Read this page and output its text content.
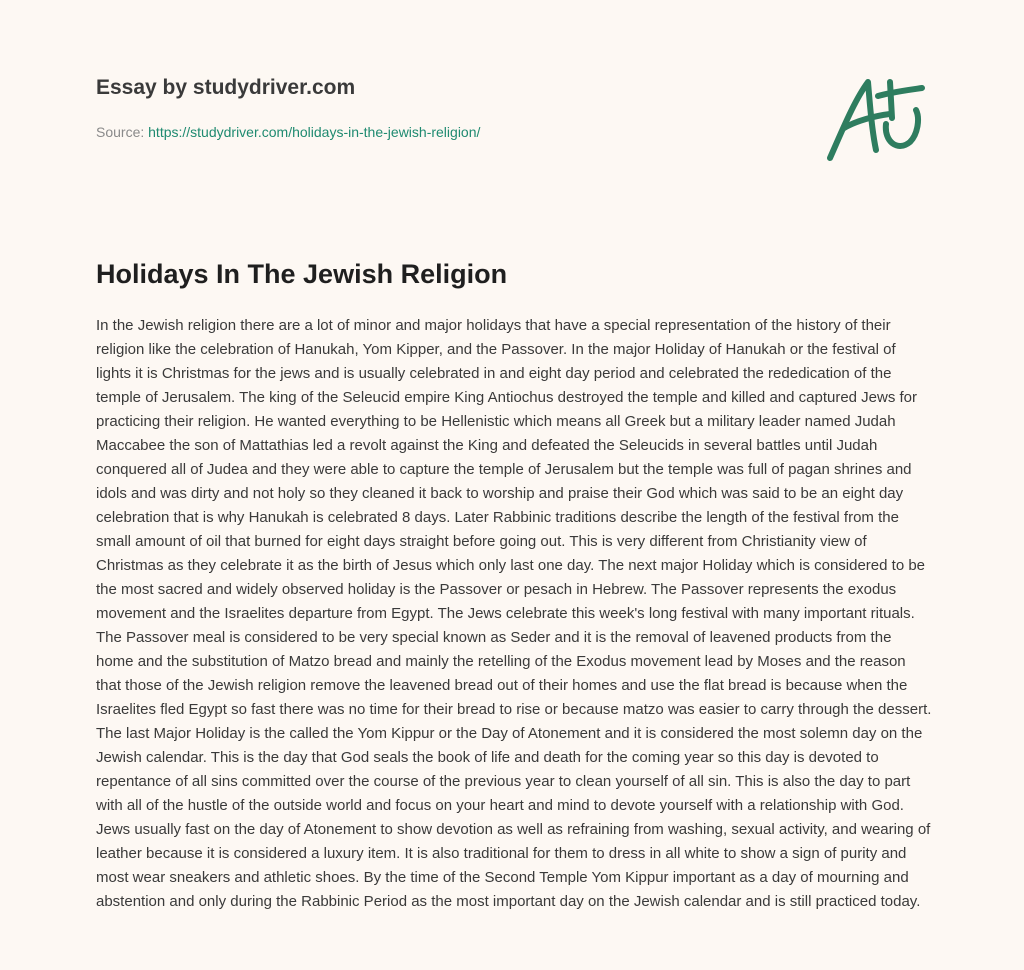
Essay by studydriver.com

Source: https://studydriver.com/holidays-in-the-jewish-religion/
Holidays In The Jewish Religion

In the Jewish religion there are a lot of minor and major holidays that have a special representation of the history of their religion like the celebration of Hanukah, Yom Kipper, and the Passover. In the major Holiday of Hanukah or the festival of lights it is Christmas for the jews and is usually celebrated in and eight day period and celebrated the rededication of the temple of Jerusalem. The king of the Seleucid empire King Antiochus destroyed the temple and killed and captured Jews for practicing their religion. He wanted everything to be Hellenistic which means all Greek but a military leader named Judah Maccabee the son of Mattathias led a revolt against the King and defeated the Seleucids in several battles until Judah conquered all of Judea and they were able to capture the temple of Jerusalem but the temple was full of pagan shrines and idols and was dirty and not holy so they cleaned it back to worship and praise their God which was said to be an eight day celebration that is why Hanukah is celebrated 8 days. Later Rabbinic traditions describe the length of the festival from the small amount of oil that burned for eight days straight before going out. This is very different from Christianity view of Christmas as they celebrate it as the birth of Jesus which only last one day. The next major Holiday which is considered to be the most sacred and widely observed holiday is the Passover or pesach in Hebrew. The Passover represents the exodus movement and the Israelites departure from Egypt. The Jews celebrate this week's long festival with many important rituals. The Passover meal is considered to be very special known as Seder and it is the removal of leavened products from the home and the substitution of Matzo bread and mainly the retelling of the Exodus movement lead by Moses and the reason that those of the Jewish religion remove the leavened bread out of their homes and use the flat bread is because when the Israelites fled Egypt so fast there was no time for their bread to rise or because matzo was easier to carry through the dessert. The last Major Holiday is the called the Yom Kippur or the Day of Atonement and it is considered the most solemn day on the Jewish calendar. This is the day that God seals the book of life and death for the coming year so this day is devoted to repentance of all sins committed over the course of the previous year to clean yourself of all sin. This is also the day to part with all of the hustle of the outside world and focus on your heart and mind to devote yourself with a relationship with God. Jews usually fast on the day of Atonement to show devotion as well as refraining from washing, sexual activity, and wearing of leather because it is considered a luxury item. It is also traditional for them to dress in all white to show a sign of purity and most wear sneakers and athletic shoes. By the time of the Second Temple Yom Kippur important as a day of mourning and abstention and only during the Rabbinic Period as the most important day on the Jewish calendar and is still practiced today.
